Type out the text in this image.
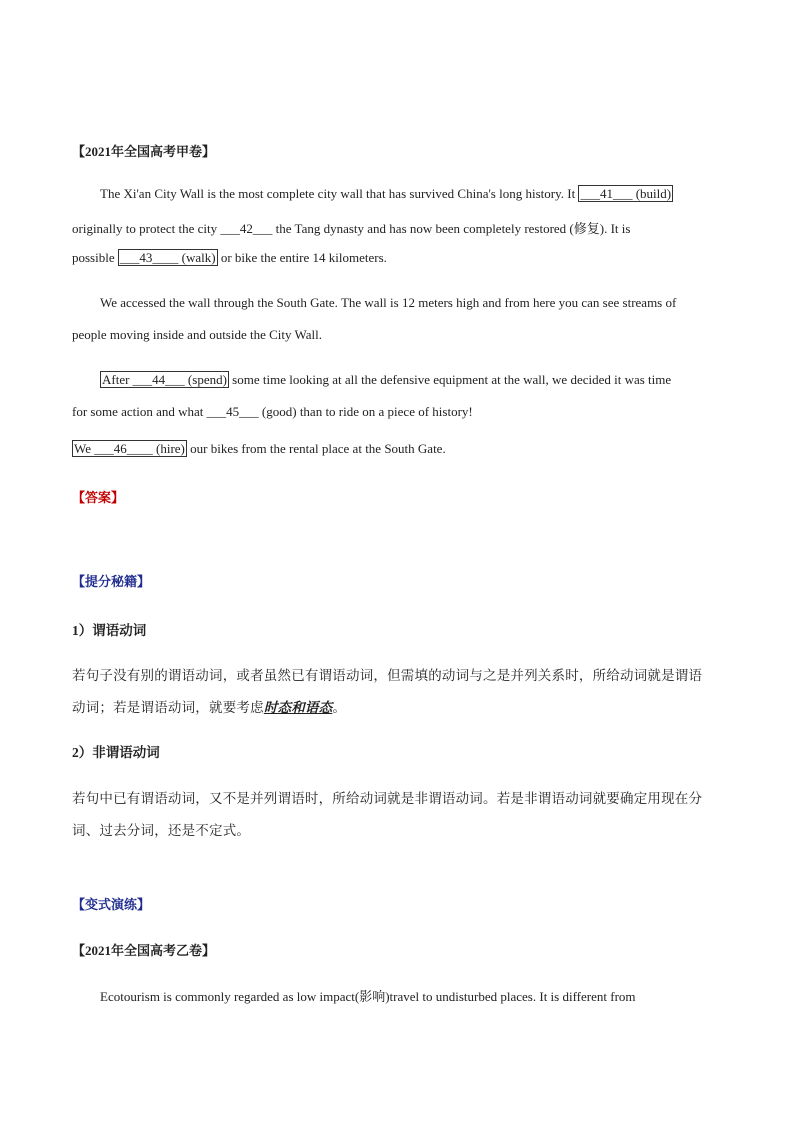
【2021年全国高考甲卷】
The Xi'an City Wall is the most complete city wall that has survived China's long history. It ___41___ (build)
originally to protect the city ___42___ the Tang dynasty and has now been completely restored (修复). It is
possible ___43____ (walk) or bike the entire 14 kilometers.
We accessed the wall through the South Gate. The wall is 12 meters high and from here you can see streams of
people moving inside and outside the City Wall.
After ___44___ (spend) some time looking at all the defensive equipment at the wall, we decided it was time
for some action and what ___45___ (good) than to ride on a piece of history!
We ___46____ (hire) our bikes from the rental place at the South Gate.
【答案】
【提分秘籍】
1）谓语动词
若句子没有别的谓语动词，或者虽然已有谓语动词，但需填的动词与之是并列关系时，所给动词就是谓语
动词；若是谓语动词，就要考虑时态和语态。
2）非谓语动词
若句中已有谓语动词，又不是并列谓语时，所给动词就是非谓语动词。若是非谓语动词就要确定用现在分
词、过去分词，还是不定式。
【变式演练】
【2021年全国高考乙卷】
Ecotourism is commonly regarded as low impact(影响)travel to undisturbed places. It is different from
